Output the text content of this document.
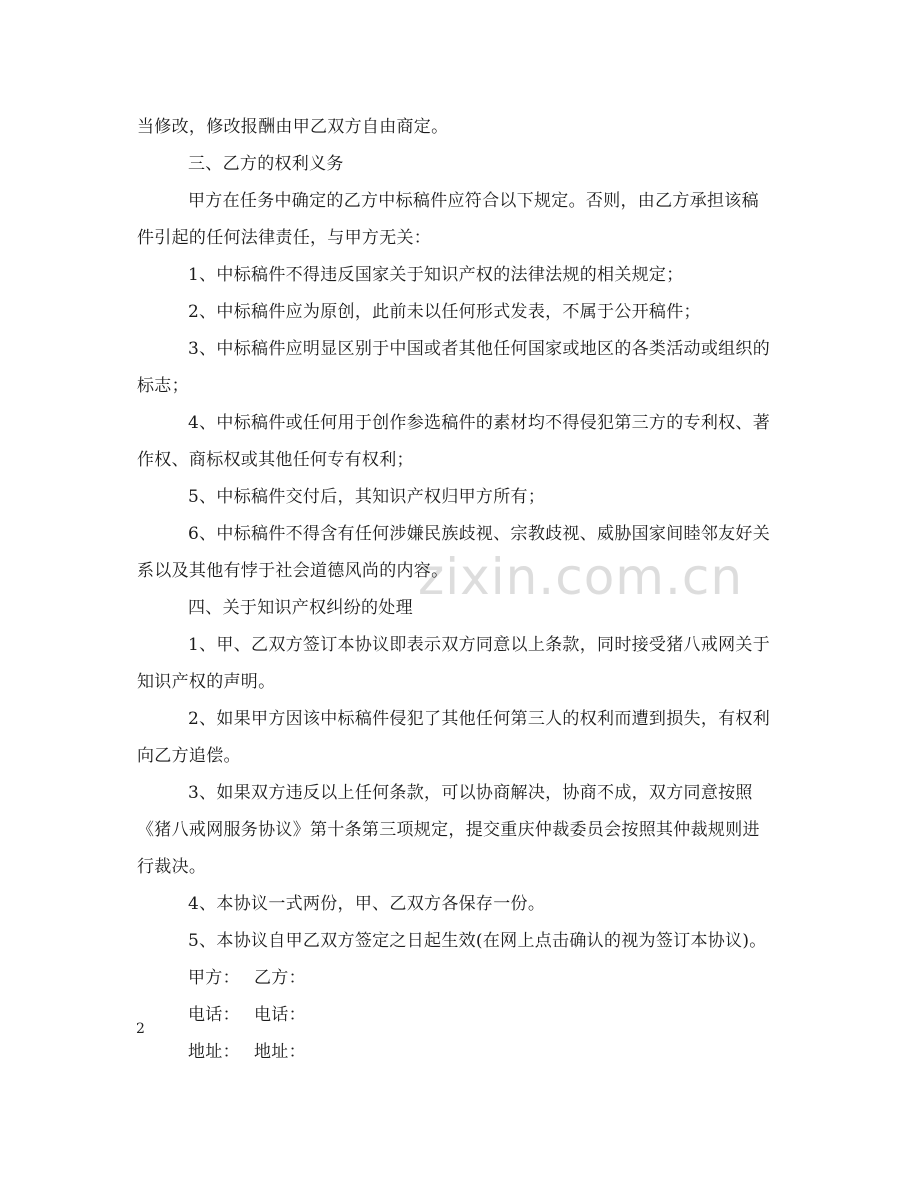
zixin.com.cn
当修改，修改报酬由甲乙双方自由商定。
三、乙方的权利义务
甲方在任务中确定的乙方中标稿件应符合以下规定。否则，由乙方承担该稿
件引起的任何法律责任，与甲方无关：
1、中标稿件不得违反国家关于知识产权的法律法规的相关规定；
2、中标稿件应为原创，此前未以任何形式发表，不属于公开稿件；
3、中标稿件应明显区别于中国或者其他任何国家或地区的各类活动或组织的
标志；
4、中标稿件或任何用于创作参选稿件的素材均不得侵犯第三方的专利权、著
作权、商标权或其他任何专有权利；
5、中标稿件交付后，其知识产权归甲方所有；
6、中标稿件不得含有任何涉嫌民族歧视、宗教歧视、威胁国家间睦邻友好关
系以及其他有悖于社会道德风尚的内容。
四、关于知识产权纠纷的处理
1、甲、乙双方签订本协议即表示双方同意以上条款，同时接受猪八戒网关于
知识产权的声明。
2、如果甲方因该中标稿件侵犯了其他任何第三人的权利而遭到损失，有权利
向乙方追偿。
3、如果双方违反以上任何条款，可以协商解决，协商不成，双方同意按照
《猪八戒网服务协议》第十条第三项规定，提交重庆仲裁委员会按照其仲裁规则进
行裁决。
4、本协议一式两份，甲、乙双方各保存一份。
5、本协议自甲乙双方签定之日起生效(在网上点击确认的视为签订本协议)。
甲方： 乙方：
电话： 电话：
地址： 地址：
2
